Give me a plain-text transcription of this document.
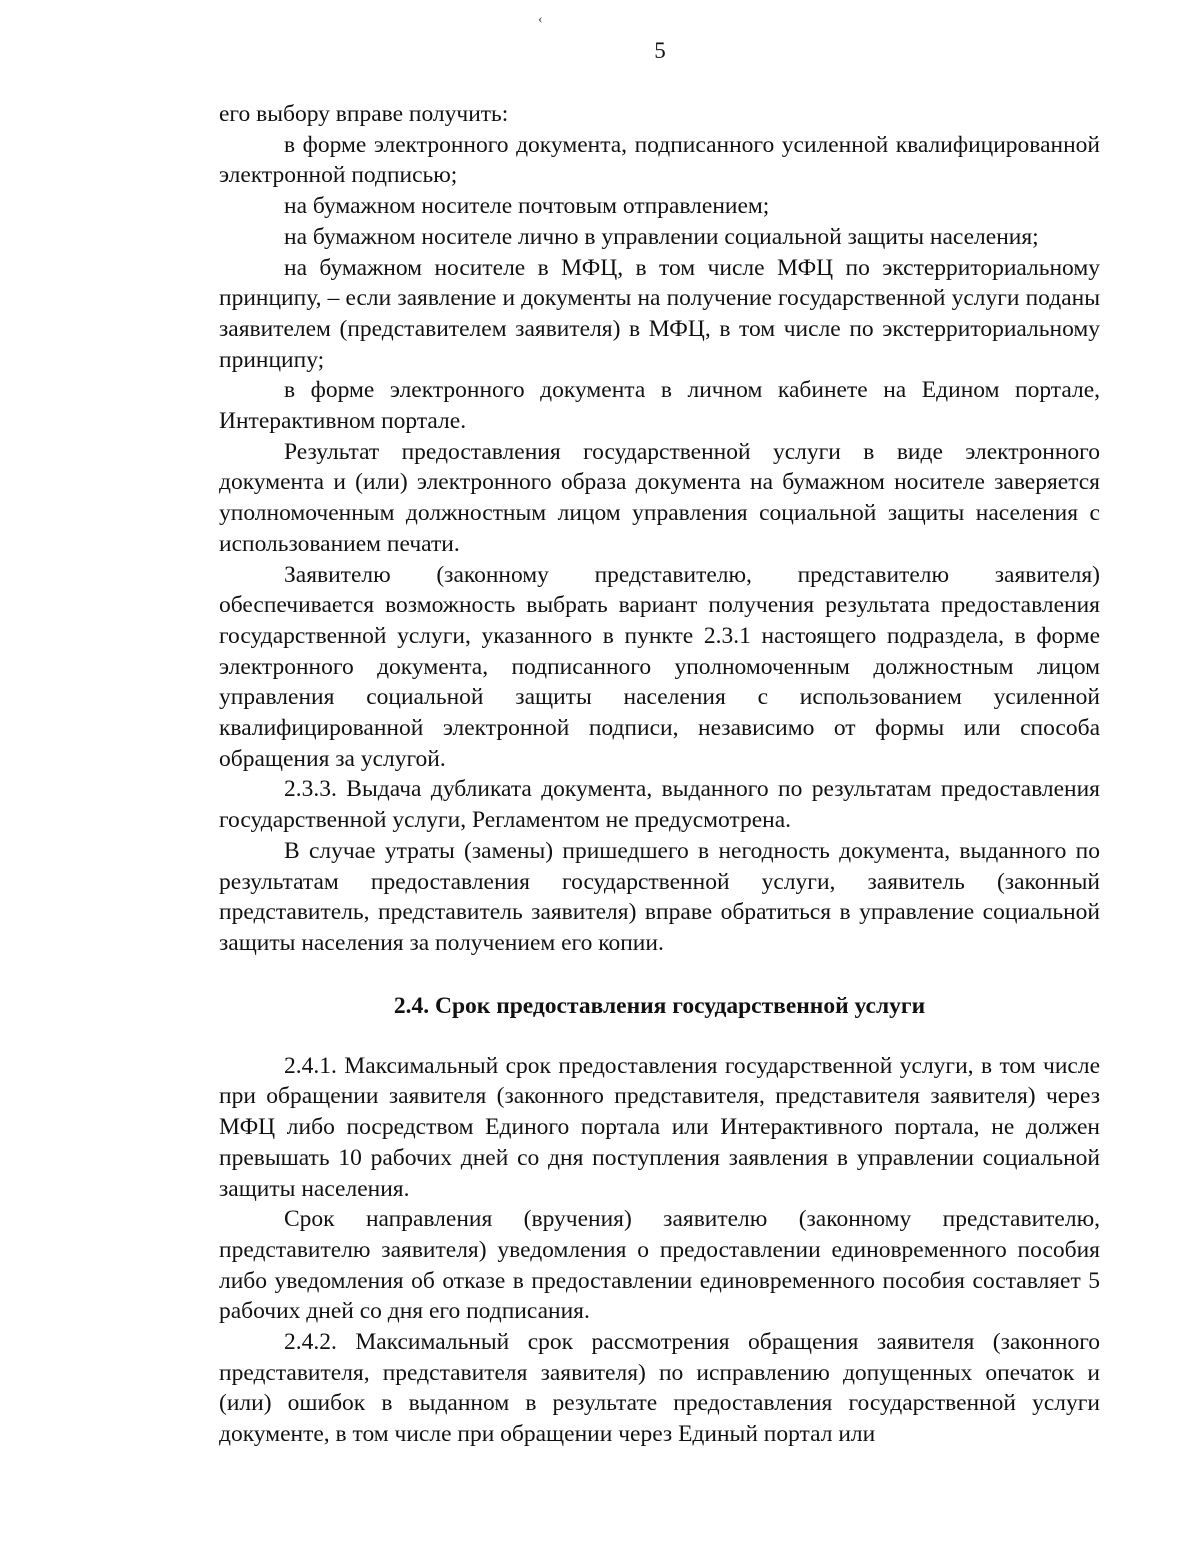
‹
5

его выбору вправе получить:

в форме электронного документа, подписанного усиленной квалифицированной электронной подписью;

на бумажном носителе почтовым отправлением;

на бумажном носителе лично в управлении социальной защиты населения;

на бумажном носителе в МФЦ, в том числе МФЦ по экстерриториальному принципу, – если заявление и документы на получение государственной услуги поданы заявителем (представителем заявителя) в МФЦ, в том числе по экстерриториальному принципу;

в форме электронного документа в личном кабинете на Едином портале, Интерактивном портале.

Результат предоставления государственной услуги в виде электронного документа и (или) электронного образа документа на бумажном носителе заверяется уполномоченным должностным лицом управления социальной защиты населения с использованием печати.

Заявителю (законному представителю, представителю заявителя) обеспечивается возможность выбрать вариант получения результата предоставления государственной услуги, указанного в пункте 2.3.1 настоящего подраздела, в форме электронного документа, подписанного уполномоченным должностным лицом управления социальной защиты населения с использованием усиленной квалифицированной электронной подписи, независимо от формы или способа обращения за услугой.

2.3.3. Выдача дубликата документа, выданного по результатам предоставления государственной услуги, Регламентом не предусмотрена.

В случае утраты (замены) пришедшего в негодность документа, выданного по результатам предоставления государственной услуги, заявитель (законный представитель, представитель заявителя) вправе обратиться в управление социальной защиты населения за получением его копии.

2.4. Срок предоставления государственной услуги

2.4.1. Максимальный срок предоставления государственной услуги, в том числе при обращении заявителя (законного представителя, представителя заявителя) через МФЦ либо посредством Единого портала или Интерактивного портала, не должен превышать 10 рабочих дней со дня поступления заявления в управлении социальной защиты населения.

Срок направления (вручения) заявителю (законному представителю, представителю заявителя) уведомления о предоставлении единовременного пособия либо уведомления об отказе в предоставлении единовременного пособия составляет 5 рабочих дней со дня его подписания.

2.4.2. Максимальный срок рассмотрения обращения заявителя (законного представителя, представителя заявителя) по исправлению допущенных опечаток и (или) ошибок в выданном в результате предоставления государственной услуги документе, в том числе при обращении через Единый портал или
